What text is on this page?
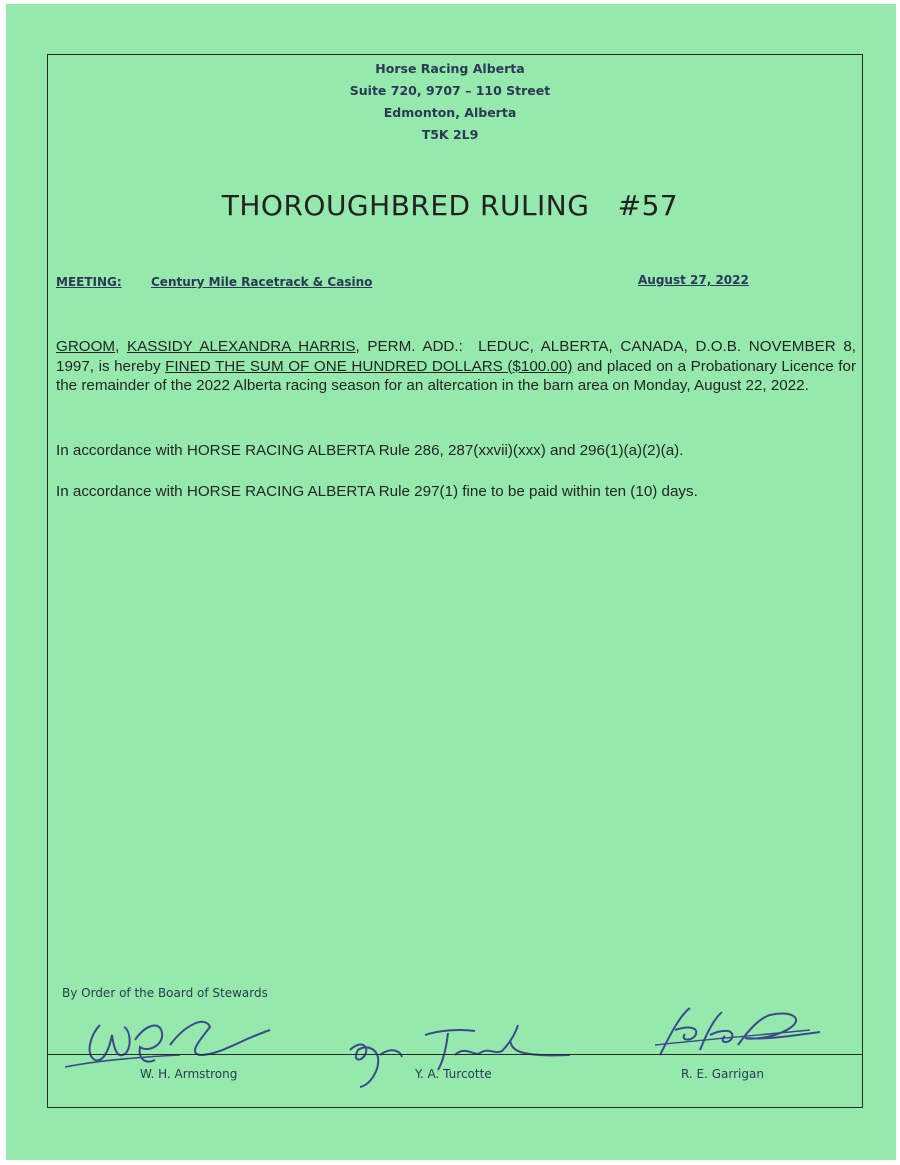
Horse Racing Alberta
Suite 720, 9707 – 110 Street
Edmonton, Alberta
T5K 2L9
THOROUGHBRED RULING   #57
MEETING: Century Mile Racetrack & Casino	August 27, 2022
GROOM, KASSIDY ALEXANDRA HARRIS, PERM. ADD.:  LEDUC, ALBERTA, CANADA, D.O.B. NOVEMBER 8, 1997, is hereby FINED THE SUM OF ONE HUNDRED DOLLARS ($100.00) and placed on a Probationary Licence for the remainder of the 2022 Alberta racing season for an altercation in the barn area on Monday, August 22, 2022.
In accordance with HORSE RACING ALBERTA Rule 286, 287(xxvii)(xxx) and 296(1)(a)(2)(a).
In accordance with HORSE RACING ALBERTA Rule 297(1) fine to be paid within ten (10) days.
By Order of the Board of Stewards
W. H. Armstrong	Y. A. Turcotte	R. E. Garrigan
